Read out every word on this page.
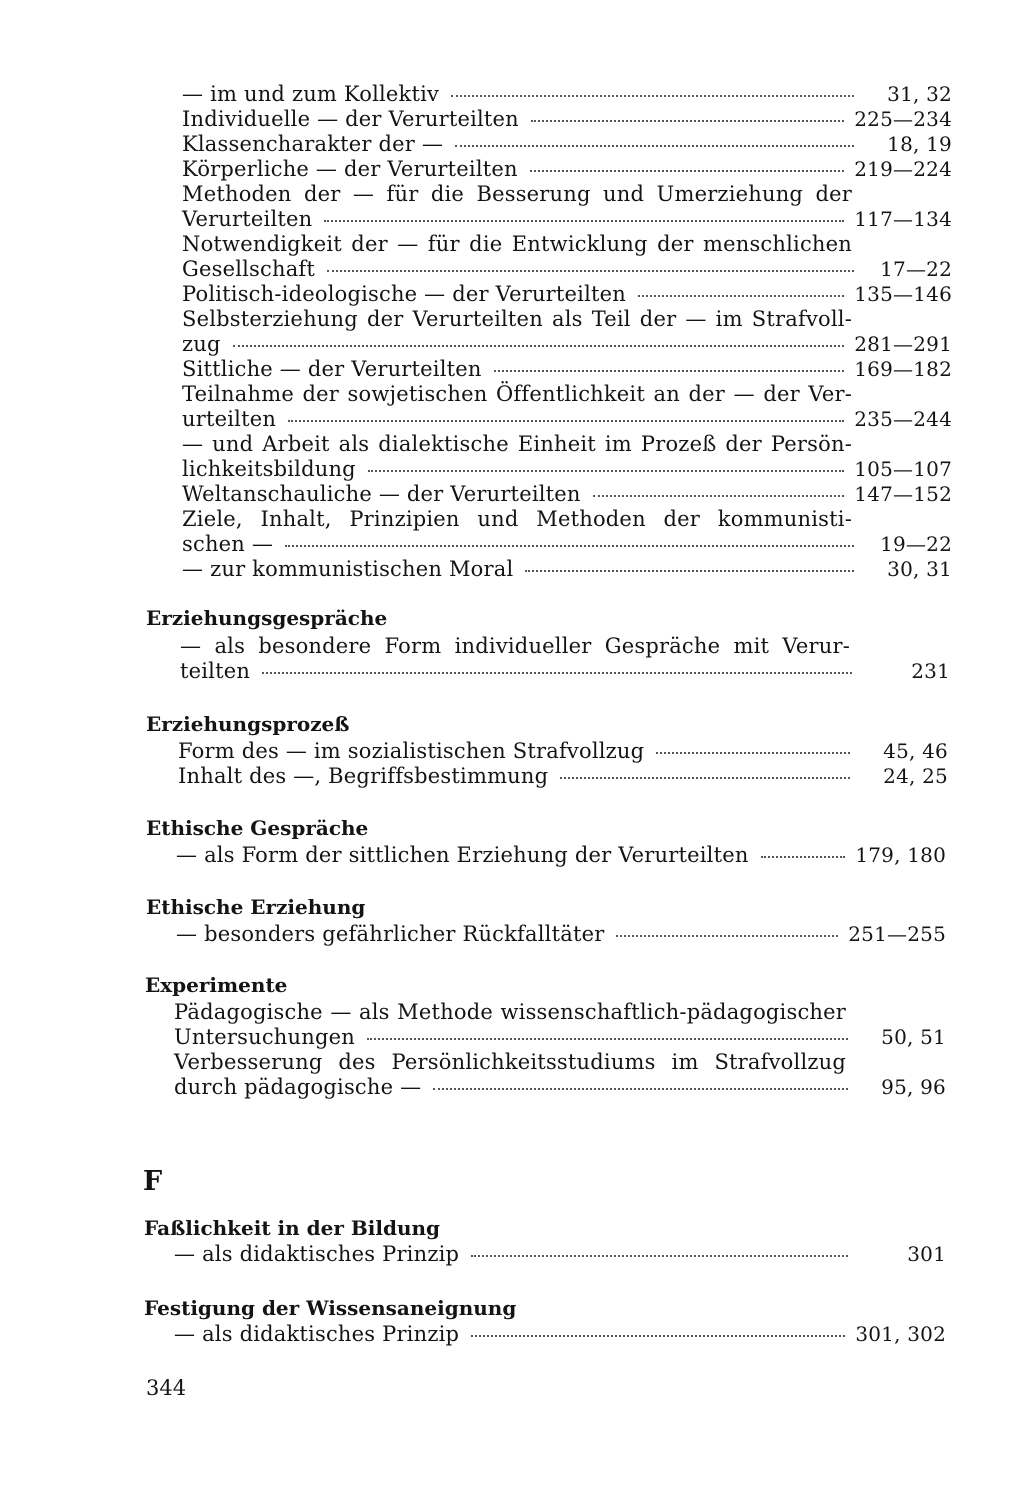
— im und zum Kollektiv	31, 32
Individuelle — der Verurteilten	225—234
Klassencharakter der —	18, 19
Körperliche — der Verurteilten	219—224
Methoden der — für die Besserung und Umerziehung der
Verurteilten	117—134
Notwendigkeit der — für die Entwicklung der menschlichen
Gesellschaft	17—22
Politisch-ideologische — der Verurteilten	135—146
Selbsterziehung der Verurteilten als Teil der — im Strafvoll-
zug	281—291
Sittliche — der Verurteilten	169—182
Teilnahme der sowjetischen Öffentlichkeit an der — der Ver-
urteilten	235—244
— und Arbeit als dialektische Einheit im Prozeß der Persön-
lichkeitsbildung	105—107
Weltanschauliche — der Verurteilten	147—152
Ziele, Inhalt, Prinzipien und Methoden der kommunisti-
schen —	19—22
— zur kommunistischen Moral	30, 31
Erziehungsgespräche
— als besondere Form individueller Gespräche mit Verur-
teilten	231
Erziehungsprozeß
Form des — im sozialistischen Strafvollzug	45, 46
Inhalt des —, Begriffsbestimmung	24, 25
Ethische Gespräche
— als Form der sittlichen Erziehung der Verurteilten	179, 180
Ethische Erziehung
— besonders gefährlicher Rückfalltäter	251—255
Experimente
Pädagogische — als Methode wissenschaftlich-pädagogischer
Untersuchungen	50, 51
Verbesserung des Persönlichkeitsstudiums im Strafvollzug
durch pädagogische —	95, 96
F
Faßlichkeit in der Bildung
— als didaktisches Prinzip	301
Festigung der Wissensaneignung
— als didaktisches Prinzip	301, 302
344
